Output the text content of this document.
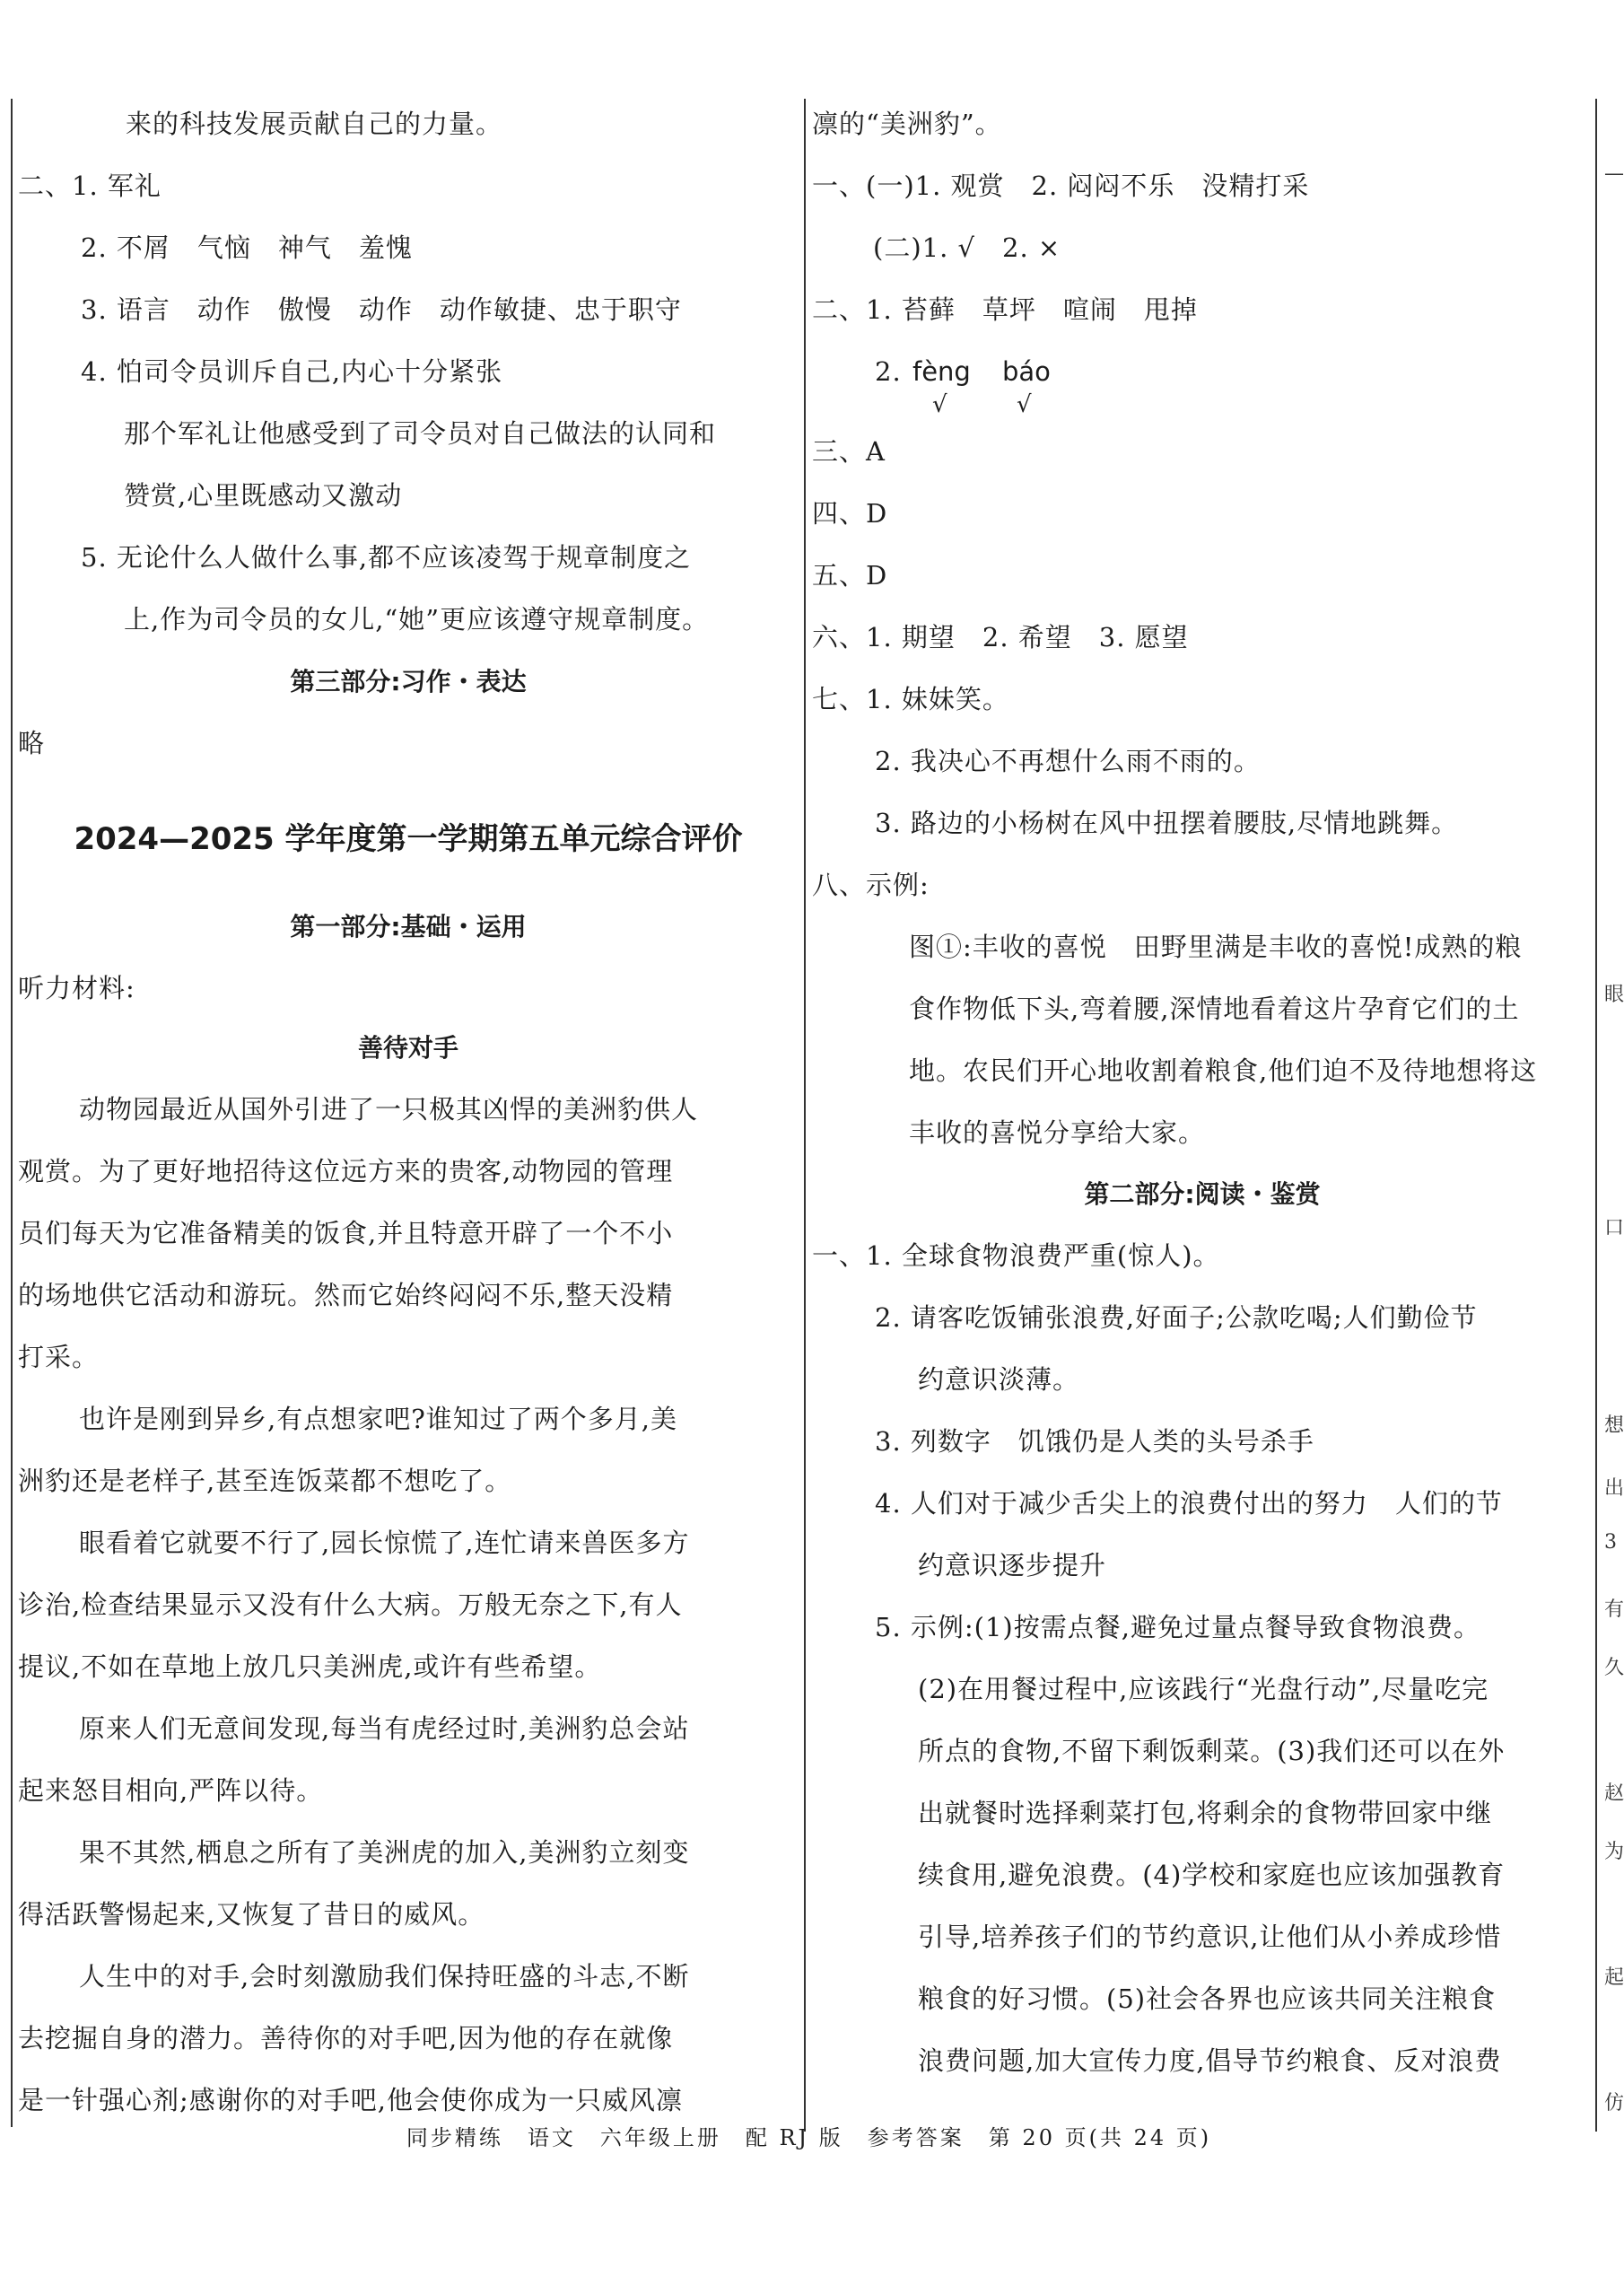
来的科技发展贡献自己的力量。
二、1. 军礼
2. 不屑　气恼　神气　羞愧
3. 语言　动作　傲慢　动作　动作敏捷、忠于职守
4. 怕司令员训斥自己,内心十分紧张
那个军礼让他感受到了司令员对自己做法的认同和
赞赏,心里既感动又激动
5. 无论什么人做什么事,都不应该凌驾于规章制度之
上,作为司令员的女儿,“她”更应该遵守规章制度。
略
听力材料:
动物园最近从国外引进了一只极其凶悍的美洲豹供人
观赏。为了更好地招待这位远方来的贵客,动物园的管理
员们每天为它准备精美的饭食,并且特意开辟了一个不小
的场地供它活动和游玩。然而它始终闷闷不乐,整天没精
打采。
也许是刚到异乡,有点想家吧?谁知过了两个多月,美
洲豹还是老样子,甚至连饭菜都不想吃了。
眼看着它就要不行了,园长惊慌了,连忙请来兽医多方
诊治,检查结果显示又没有什么大病。万般无奈之下,有人
提议,不如在草地上放几只美洲虎,或许有些希望。
原来人们无意间发现,每当有虎经过时,美洲豹总会站
起来怒目相向,严阵以待。
果不其然,栖息之所有了美洲虎的加入,美洲豹立刻变
得活跃警惕起来,又恢复了昔日的威风。
人生中的对手,会时刻激励我们保持旺盛的斗志,不断
去挖掘自身的潜力。善待你的对手吧,因为他的存在就像
是一针强心剂;感谢你的对手吧,他会使你成为一只威风凛
第三部分:习作・表达
2024—2025 学年度第一学期第五单元综合评价
第一部分:基础・运用
善待对手
凛的“美洲豹”。
一、(一)1. 观赏　2. 闷闷不乐　没精打采
(二)1. √　2. ×
二、1. 苔藓　草坪　喧闹　甩掉
2.
三、A
四、D
五、D
六、1. 期望　2. 希望　3. 愿望
七、1. 妹妹笑。
2. 我决心不再想什么雨不雨的。
3. 路边的小杨树在风中扭摆着腰肢,尽情地跳舞。
八、示例:
图①:丰收的喜悦　田野里满是丰收的喜悦!成熟的粮
食作物低下头,弯着腰,深情地看着这片孕育它们的土
地。农民们开心地收割着粮食,他们迫不及待地想将这
丰收的喜悦分享给大家。
一、1. 全球食物浪费严重(惊人)。
2. 请客吃饭铺张浪费,好面子;公款吃喝;人们勤俭节
约意识淡薄。
3. 列数字　饥饿仍是人类的头号杀手
4. 人们对于减少舌尖上的浪费付出的努力　人们的节
约意识逐步提升
5. 示例:(1)按需点餐,避免过量点餐导致食物浪费。
(2)在用餐过程中,应该践行“光盘行动”,尽量吃完
所点的食物,不留下剩饭剩菜。(3)我们还可以在外
出就餐时选择剩菜打包,将剩余的食物带回家中继
续食用,避免浪费。(4)学校和家庭也应该加强教育
引导,培养孩子们的节约意识,让他们从小养成珍惜
粮食的好习惯。(5)社会各界也应该共同关注粮食
浪费问题,加大宣传力度,倡导节约粮食、反对浪费
第二部分:阅读・鉴赏
fèng báo
√	√
—
眼
口
想
出
3
有
久
赵
为
起
仿
同步精练　语文　六年级上册　配 RJ 版　参考答案　第 20 页(共 24 页)
